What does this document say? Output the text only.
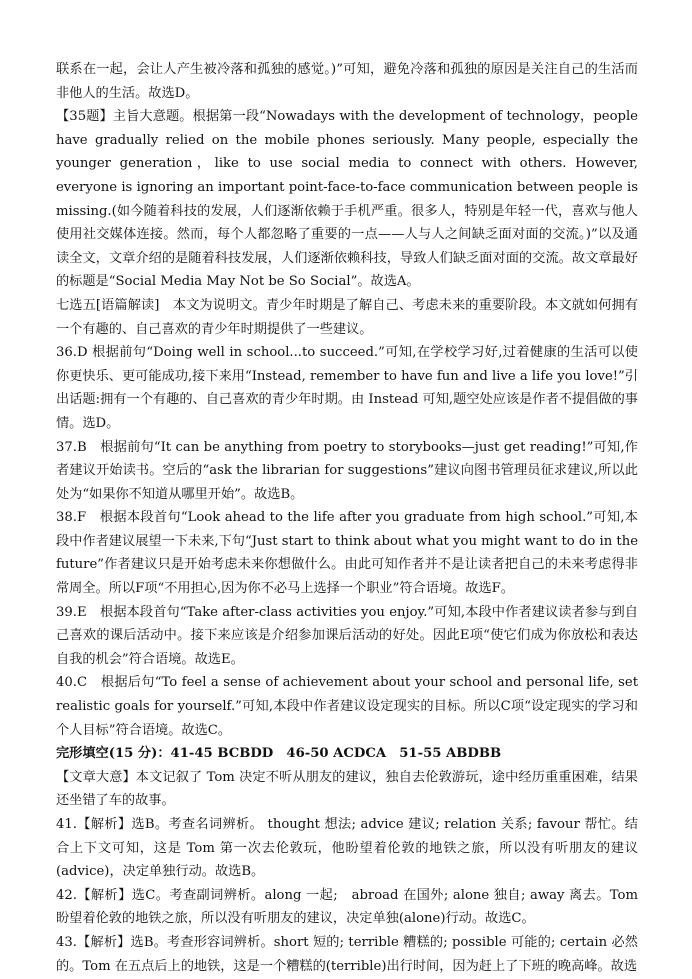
联系在一起，会让人产生被冷落和孤独的感觉。)”可知，避免冷落和孤独的原因是关注自己的生活而非他人的生活。故选D。

【35题】主旨大意题。根据第一段“Nowadays with the development of technology，people have gradually relied on the mobile phones seriously. Many people, especially the younger generation，like to use social media to connect with others. However, everyone is ignoring an important point-face-to-face communication between people is missing.(如今随着科技的发展，人们逐渐依赖于手机严重。很多人，特别是年轻一代，喜欢与他人使用社交媒体连接。然而，每个人都忽略了重要的一点——人与人之间缺乏面对面的交流。)”以及通读全文，文章介绍的是随着科技发展，人们逐渐依赖科技，导致人们缺乏面对面的交流。故文章最好的标题是“Social Media May Not be So Social”。故选A。

七选五[语篇解读]　本文为说明文。青少年时期是了解自己、考虑未来的重要阶段。本文就如何拥有一个有趣的、自己喜欢的青少年时期提供了一些建议。

36.D 根据前句“Doing well in school...to succeed.”可知,在学校学习好,过着健康的生活可以使你更快乐、更可能成功,接下来用“Instead, remember to have fun and live a life you love!”引出话题:拥有一个有趣的、自己喜欢的青少年时期。由 Instead 可知,题空处应该是作者不提倡做的事情。选D。

37.B　根据前句“It can be anything from poetry to storybooks—just get reading!”可知,作者建议开始读书。空后的“ask the librarian for suggestions”建议向图书管理员征求建议,所以此处为“如果你不知道从哪里开始”。故选B。

38.F　根据本段首句“Look ahead to the life after you graduate from high school.”可知,本段中作者建议展望一下未来,下句“Just start to think about what you might want to do in the future”作者建议只是开始考虑未来你想做什么。由此可知作者并不是让读者把自己的未来考虑得非常周全。所以F项“不用担心,因为你不必马上选择一个职业”符合语境。故选F。

39.E　根据本段首句“Take after-class activities you enjoy.”可知,本段中作者建议读者参与到自己喜欢的课后活动中。接下来应该是介绍参加课后活动的好处。因此E项“使它们成为你放松和表达自我的机会”符合语境。故选E。

40.C　根据后句“To feel a sense of achievement about your school and personal life, set realistic goals for yourself.”可知,本段中作者建议设定现实的目标。所以C项“设定现实的学习和个人目标”符合语境。故选C。

完形填空(15 分)：41-45 BCBDD　46-50 ACDCA　51-55 ABDBB

【文章大意】本文记叙了 Tom 决定不听从朋友的建议，独自去伦敦游玩，途中经历重重困难，结果还坐错了车的故事。

41.【解析】选B。考查名词辨析。 thought 想法; advice 建议; relation 关系; favour 帮忙。结合上下文可知，这是 Tom 第一次去伦敦玩，他盼望着伦敦的地铁之旅，所以没有听朋友的建议(advice)，决定单独行动。故选B。

42.【解析】选C。考查副词辨析。along 一起;　abroad 在国外; alone 独自; away 离去。Tom 盼望着伦敦的地铁之旅，所以没有听朋友的建议，决定单独(alone)行动。故选C。

43.【解析】选B。考查形容词辨析。short 短的; terrible 糟糕的; possible 可能的; certain 必然的。Tom 在五点后上的地铁，这是一个糟糕的(terrible)出行时间，因为赶上了下班的晚高峰。故选
